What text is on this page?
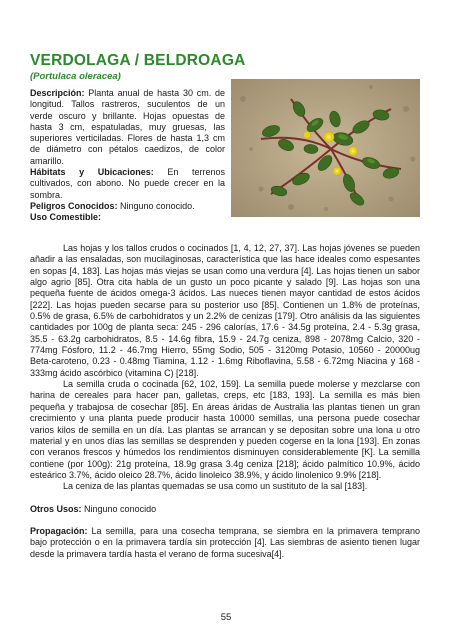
VERDOLAGA / BELDROAGA
(Portulaca oleracea)

Descripción: Planta anual de hasta 30 cm. de longitud. Tallos rastreros, suculentos de un verde oscuro y brillante. Hojas opuestas de hasta 3 cm, espatuladas, muy gruesas, las superiores verticiladas. Flores de hasta 1,3 cm de diámetro con pétalos caedizos, de color amarillo.

Hábitats y Ubicaciones: En terrenos cultivados, con abono. No puede crecer en la sombra.

Peligros Conocidos: Ninguno conocido.

Uso Comestible:

Las hojas y los tallos crudos o cocinados [1, 4, 12, 27, 37]. Las hojas jóvenes se pueden añadir a las ensaladas, son mucilaginosas, característica que las hace ideales como espesantes en sopas [4, 183]. Las hojas más viejas se usan como una verdura [4]. Las hojas tienen un sabor algo agrio [85]. Otra cita habla de un gusto un poco picante y salado [9]. Las hojas son una pequeña fuente de ácidos omega-3 ácidos. Las nueces tienen mayor cantidad de estos ácidos [222]. Las hojas pueden secarse para su posterior uso [85]. Contienen un 1.8% de proteínas, 0.5% de grasa, 6.5% de carbohidratos y un 2.2% de cenizas [179]. Otro análisis da las siguientes cantidades por 100g de planta seca: 245 - 296 calorías, 17.6 - 34.5g proteína, 2.4 - 5.3g grasa, 35.5 - 63.2g carbohidratos, 8.5 - 14.6g fibra, 15.9 - 24.7g ceniza, 898 - 2078mg Calcio, 320 - 774mg Fósforo, 11.2 - 46.7mg Hierro, 55mg Sodio, 505 - 3120mg Potasio, 10560 - 20000ug Beta-caroteno, 0.23 - 0.48mg Tiamina, 1.12 - 1.6mg Riboflavina, 5.58 - 6.72mg Niacina y 168 - 333mg ácido ascórbico (vitamina C) [218].

La semilla cruda o cocinada [62, 102, 159]. La semilla puede molerse y mezclarse con harina de cereales para hacer pan, galletas, creps, etc [183, 193]. La semilla es más bien pequeña y trabajosa de cosechar [85]. En áreas áridas de Australia las plantas tienen un gran crecimiento y una planta puede producir hasta 10000 semillas, una persona puede cosechar varios kilos de semilla en un día. Las plantas se arrancan y se depositan sobre una lona u otro material y en unos días las semillas se desprenden y pueden cogerse en la lona [193]. En zonas con veranos frescos y húmedos los rendimientos disminuyen considerablemente [K]. La semilla contiene (por 100g): 21g proteína, 18.9g grasa 3.4g ceniza [218]; ácido palmítico 10.9%, ácido esteárico 3.7%, ácido oleico 28.7%, ácido linoleico 38.9%, y ácido linolenico 9.9% [218].

La ceniza de las plantas quemadas se usa como un sustituto de la sal [183].

Otros Usos: Ninguno conocido

Propagación: La semilla, para una cosecha temprana, se siembra en la primavera temprano bajo protección o en la primavera tardía sin protección [4]. Las siembras de asiento tienen lugar desde la primavera tardía hasta el verano de forma sucesiva[4].

55
